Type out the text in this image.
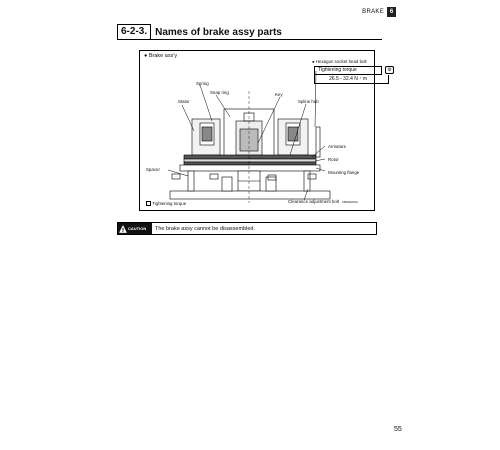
BRAKE 6
6-2-3. Names of brake assy parts
● Brake ass'y
● Hexagon socket head bolt
Spring
Snap ring	Key
Stator	Spline hub
Armature
Rotor
Spacer
Mounting flange
Tightening torque	Clearance adjustment bolt FB6020010
Tightening torque
26.5 - 32.4 N・m
⚙
CAUTION The brake assy cannot be disassembled.
55
